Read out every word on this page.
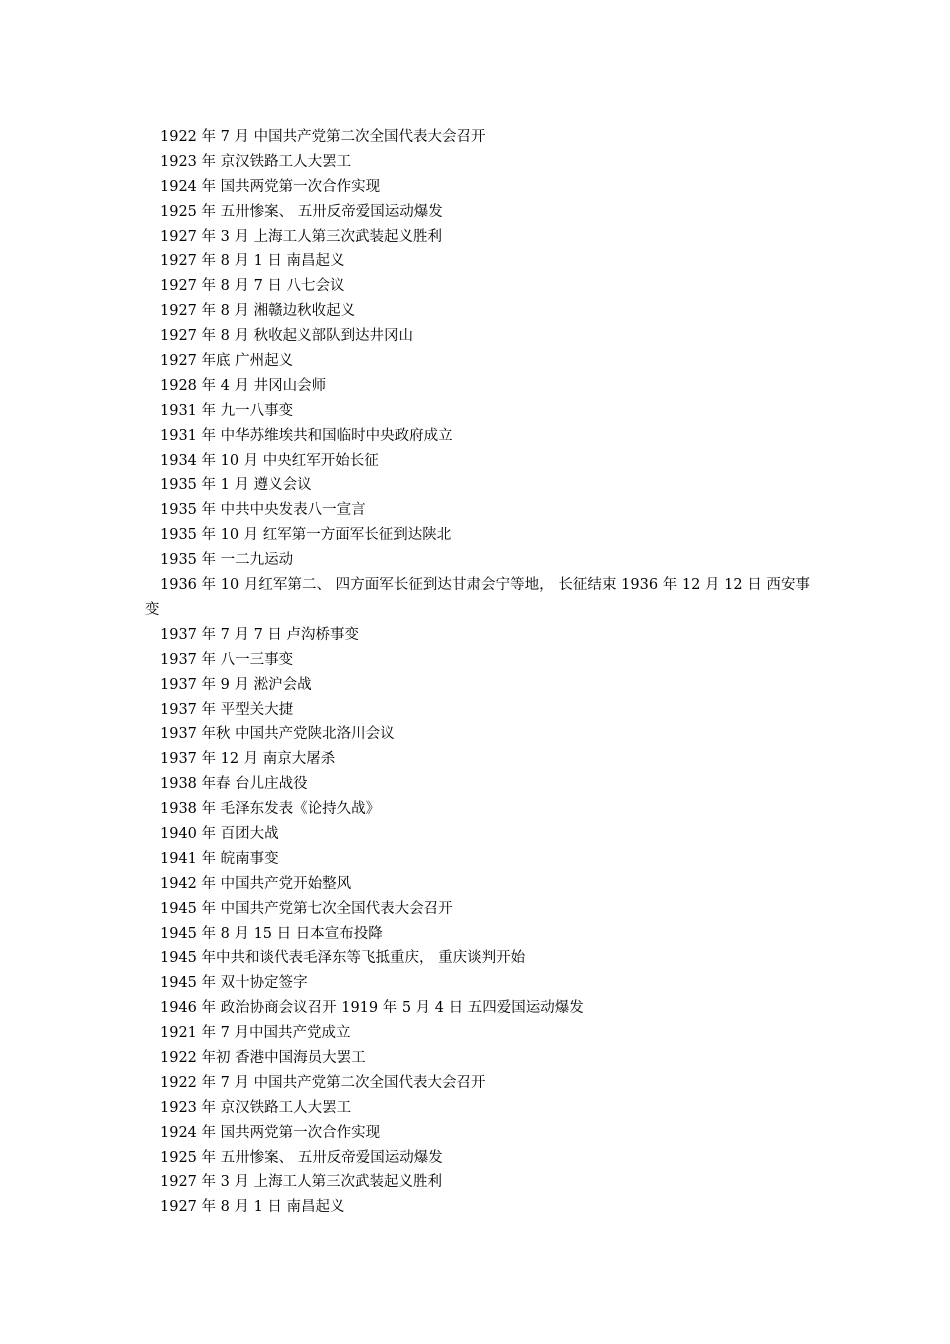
1922 年 7 月 中国共产党第二次全国代表大会召开

1923 年 京汉铁路工人大罢工

1924 年 国共两党第一次合作实现

1925 年 五卅惨案、 五卅反帝爱国运动爆发

1927 年 3 月 上海工人第三次武装起义胜利

1927 年 8 月 1 日 南昌起义

1927 年 8 月 7 日 八七会议

1927 年 8 月 湘赣边秋收起义

1927 年 8 月 秋收起义部队到达井冈山

1927 年底 广州起义

1928 年 4 月 井冈山会师

1931 年 九一八事变

1931 年 中华苏维埃共和国临时中央政府成立

1934 年 10 月 中央红军开始长征

1935 年 1 月 遵义会议

1935 年 中共中央发表八一宣言

1935 年 10 月 红军第一方面军长征到达陕北

1935 年 一二九运动

1936 年 10 月红军第二、 四方面军长征到达甘肃会宁等地， 长征结束 1936 年 12 月 12 日 西安事变

1937 年 7 月 7 日 卢沟桥事变

1937 年 八一三事变

1937 年 9 月 淞沪会战

1937 年 平型关大捷

1937 年秋 中国共产党陕北洛川会议

1937 年 12 月 南京大屠杀

1938 年春 台儿庄战役

1938 年 毛泽东发表《论持久战》

1940 年 百团大战

1941 年 皖南事变

1942 年 中国共产党开始整风

1945 年 中国共产党第七次全国代表大会召开

1945 年 8 月 15 日 日本宣布投降

1945 年中共和谈代表毛泽东等飞抵重庆， 重庆谈判开始

1945 年 双十协定签字

1946 年 政治协商会议召开 1919 年 5 月 4 日 五四爱国运动爆发

1921 年 7 月中国共产党成立

1922 年初 香港中国海员大罢工

1922 年 7 月 中国共产党第二次全国代表大会召开

1923 年 京汉铁路工人大罢工

1924 年 国共两党第一次合作实现

1925 年 五卅惨案、 五卅反帝爱国运动爆发

1927 年 3 月 上海工人第三次武装起义胜利

1927 年 8 月 1 日 南昌起义
